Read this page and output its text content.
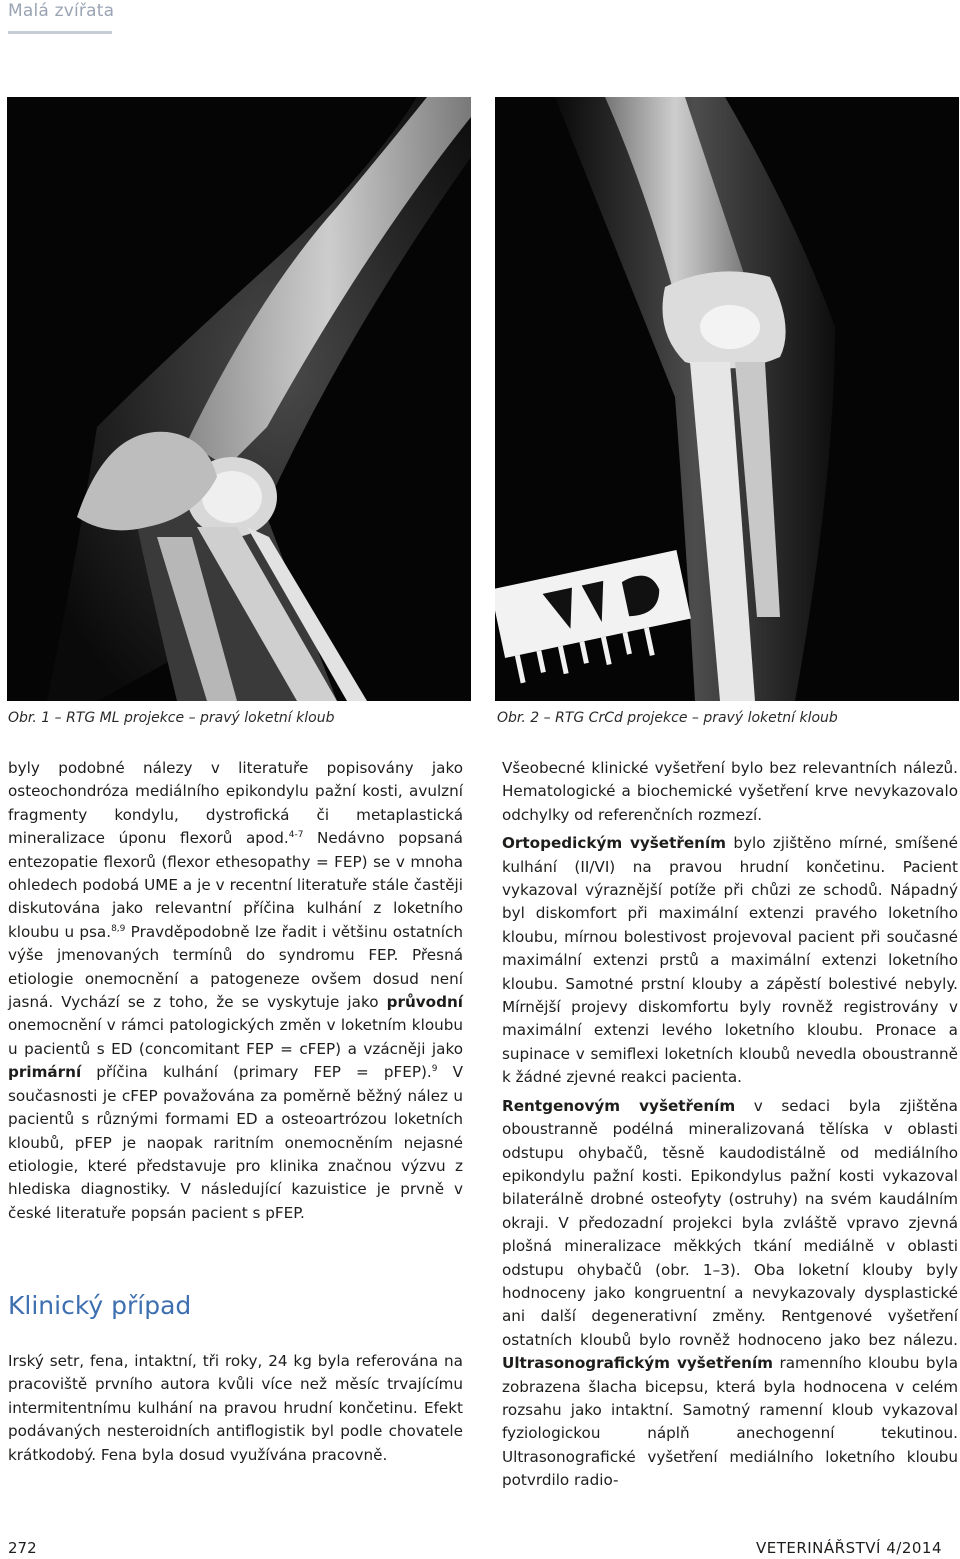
Malá zvířata
Obr. 1 – RTG ML projekce – pravý loketní kloub	Obr. 2 – RTG CrCd projekce – pravý loketní kloub

byly podobné nálezy v literatuře popisovány jako osteochondróza mediálního epikondylu pažní kosti, avulzní fragmenty kondylu, dystrofická či metaplastická mineralizace úponu flexorů apod.$^{4-7}$ Nedávno popsaná entezopatie flexorů (flexor ethesopathy = FEP) se v mnoha ohledech podobá UME a je v recentní literatuře stále častěji diskutována jako relevantní příčina kulhání z loketního kloubu u psa.$^{8,9}$ Pravděpodobně lze řadit i většinu ostatních výše jmenovaných termínů do syndromu FEP. Přesná etiologie onemocnění a patogeneze ovšem dosud není jasná. Vychází se z toho, že se vyskytuje jako průvodní onemocnění v rámci patologických změn v loketním kloubu u pacientů s ED (concomitant FEP = cFEP) a vzácněji jako primární příčina kulhání (primary FEP = pFEP).$^9$ V současnosti je cFEP považována za poměrně běžný nález u pacientů s různými formami ED a osteoartrózou loketních kloubů, pFEP je naopak raritním onemocněním nejasné etiologie, které představuje pro klinika značnou výzvu z hlediska diagnostiky. V následující kazuistice je prvně v české literatuře popsán pacient s pFEP.

Klinický případ

Irský setr, fena, intaktní, tři roky, 24 kg byla referována na pracoviště prvního autora kvůli více než měsíc trvajícímu intermitentnímu kulhání na pravou hrudní končetinu. Efekt podávaných nesteroidních antiflogistik byl podle chovatele krátkodobý. Fena byla dosud využívána pracovně.

Všeobecné klinické vyšetření bylo bez relevantních nálezů. Hematologické a biochemické vyšetření krve nevykazovalo odchylky od referenčních rozmezí.

Ortopedickým vyšetřením bylo zjištěno mírné, smíšené kulhání (II/VI) na pravou hrudní končetinu. Pacient vykazoval výraznější potíže při chůzi ze schodů. Nápadný byl diskomfort při maximální extenzi pravého loketního kloubu, mírnou bolestivost projevoval pacient při současné maximální extenzi prstů a maximální extenzi loketního kloubu. Samotné prstní klouby a zápěstí bolestivé nebyly. Mírnější projevy diskomfortu byly rovněž registrovány v maximální extenzi levého loketního kloubu. Pronace a supinace v semiflexi loketních kloubů nevedla oboustranně k žádné zjevné reakci pacienta.

Rentgenovým vyšetřením v sedaci byla zjištěna oboustranně podélná mineralizovaná tělíska v oblasti odstupu ohybačů, těsně kaudodistálně od mediálního epikondylu pažní kosti. Epikondylus pažní kosti vykazoval bilaterálně drobné osteofyty (ostruhy) na svém kaudálním okraji. V předozadní projekci byla zvláště vpravo zjevná plošná mineralizace měkkých tkání mediálně v oblasti odstupu ohybačů (obr. 1–3). Oba loketní klouby byly hodnoceny jako kongruentní a nevykazovaly dysplastické ani další degenerativní změny. Rentgenové vyšetření ostatních kloubů bylo rovněž hodnoceno jako bez nálezu. Ultrasonografickým vyšetřením ramenního kloubu byla zobrazena šlacha bicepsu, která byla hodnocena v celém rozsahu jako intaktní. Samotný ramenní kloub vykazoval fyziologickou náplň anechogenní tekutinou. Ultrasonografické vyšetření mediálního loketního kloubu potvrdilo radio-

272	VETERINÁŘSTVÍ 4/2014
